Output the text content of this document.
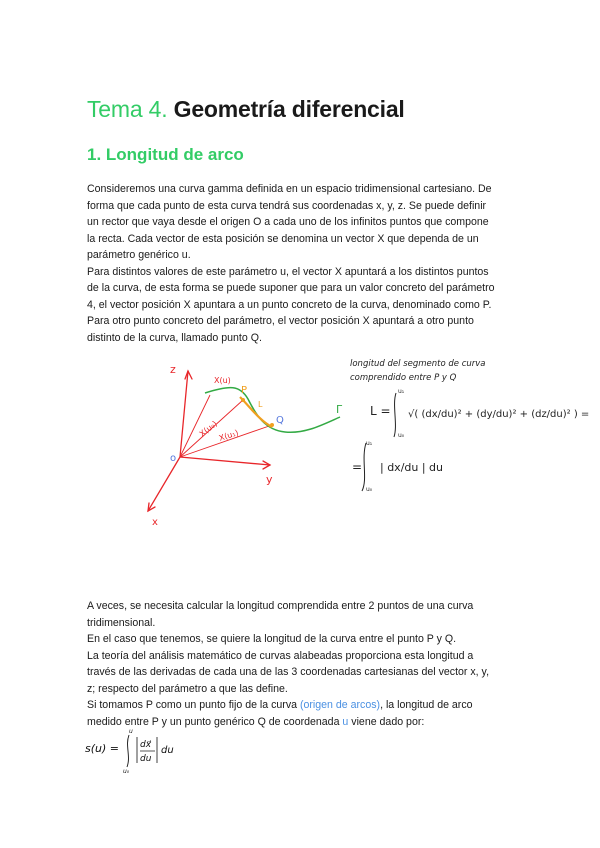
Tema 4. Geometría diferencial
1. Longitud de arco

Consideremos una curva gamma definida en un espacio tridimensional cartesiano. De

forma que cada punto de esta curva tendrá sus coordenadas x, y, z. Se puede definir

un rector que vaya desde el origen O a cada uno de los infinitos puntos que compone

la recta. Cada vector de esta posición se denomina un vector X que dependa de un

parámetro genérico u.

Para distintos valores de este parámetro u, el vector X apuntará a los distintos puntos

de la curva, de esta forma se puede suponer que para un valor concreto del parámetro

4, el vector posición X apuntara a un punto concreto de la curva, denominado como P.

Para otro punto concreto del parámetro, el vector posición X apuntará a otro punto

distinto de la curva, llamado punto Q.

z
y
x
o
X(u)
X(u₀)
X(u₁)
P
Q
L	Γ
longitud del segmento de curva
comprendido entre P y Q
L =
u₁
u₀
√( (dx/du)² + (dy/du)² + (dz/du)² ) =
=
u₁
u₀
| dx/du | du

A veces, se necesita calcular la longitud comprendida entre 2 puntos de una curva

tridimensional.

En el caso que tenemos, se quiere la longitud de la curva entre el punto P y Q.

La teoría del análisis matemático de curvas alabeadas proporciona esta longitud a

través de las derivadas de cada una de las 3 coordenadas cartesianas del vector x, y,

z; respecto del parámetro a que las define.

Si tomamos P como un punto fijo de la curva (origen de arcos), la longitud de arco

medido entre P y un punto genérico Q de coordenada u viene dado por:

s(u) =
u
u₀
dx⃗
du
du
